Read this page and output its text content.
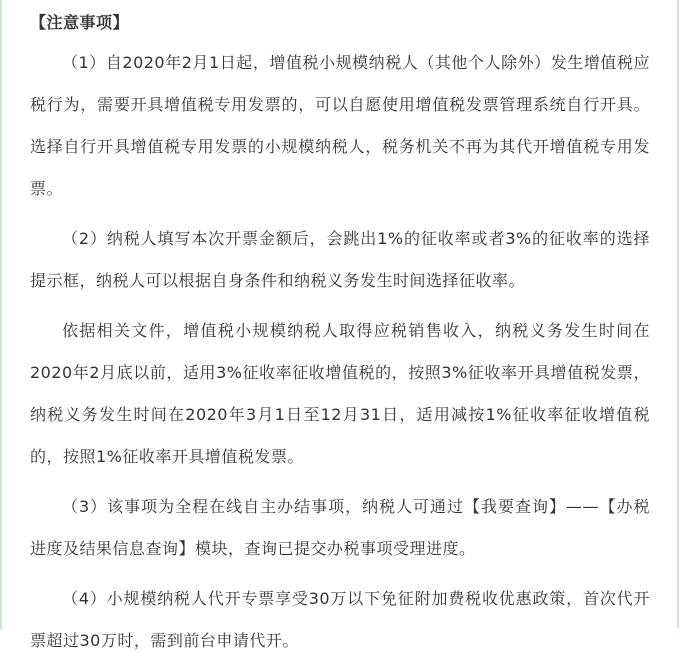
【注意事项】

（1）自2020年2月1日起，增值税小规模纳税人（其他个人除外）发生增值税应税行为，需要开具增值税专用发票的，可以自愿使用增值税发票管理系统自行开具。选择自行开具增值税专用发票的小规模纳税人，税务机关不再为其代开增值税专用发票。

（2）纳税人填写本次开票金额后，会跳出1%的征收率或者3%的征收率的选择提示框，纳税人可以根据自身条件和纳税义务发生时间选择征收率。

依据相关文件，增值税小规模纳税人取得应税销售收入，纳税义务发生时间在2020年2月底以前，适用3%征收率征收增值税的，按照3%征收率开具增值税发票，纳税义务发生时间在2020年3月1日至12月31日，适用减按1%征收率征收增值税的，按照1%征收率开具增值税发票。

（3）该事项为全程在线自主办结事项，纳税人可通过【我要查询】——【办税进度及结果信息查询】模块，查询已提交办税事项受理进度。

（4）小规模纳税人代开专票享受30万以下免征附加费税收优惠政策，首次代开票超过30万时，需到前台申请代开。
